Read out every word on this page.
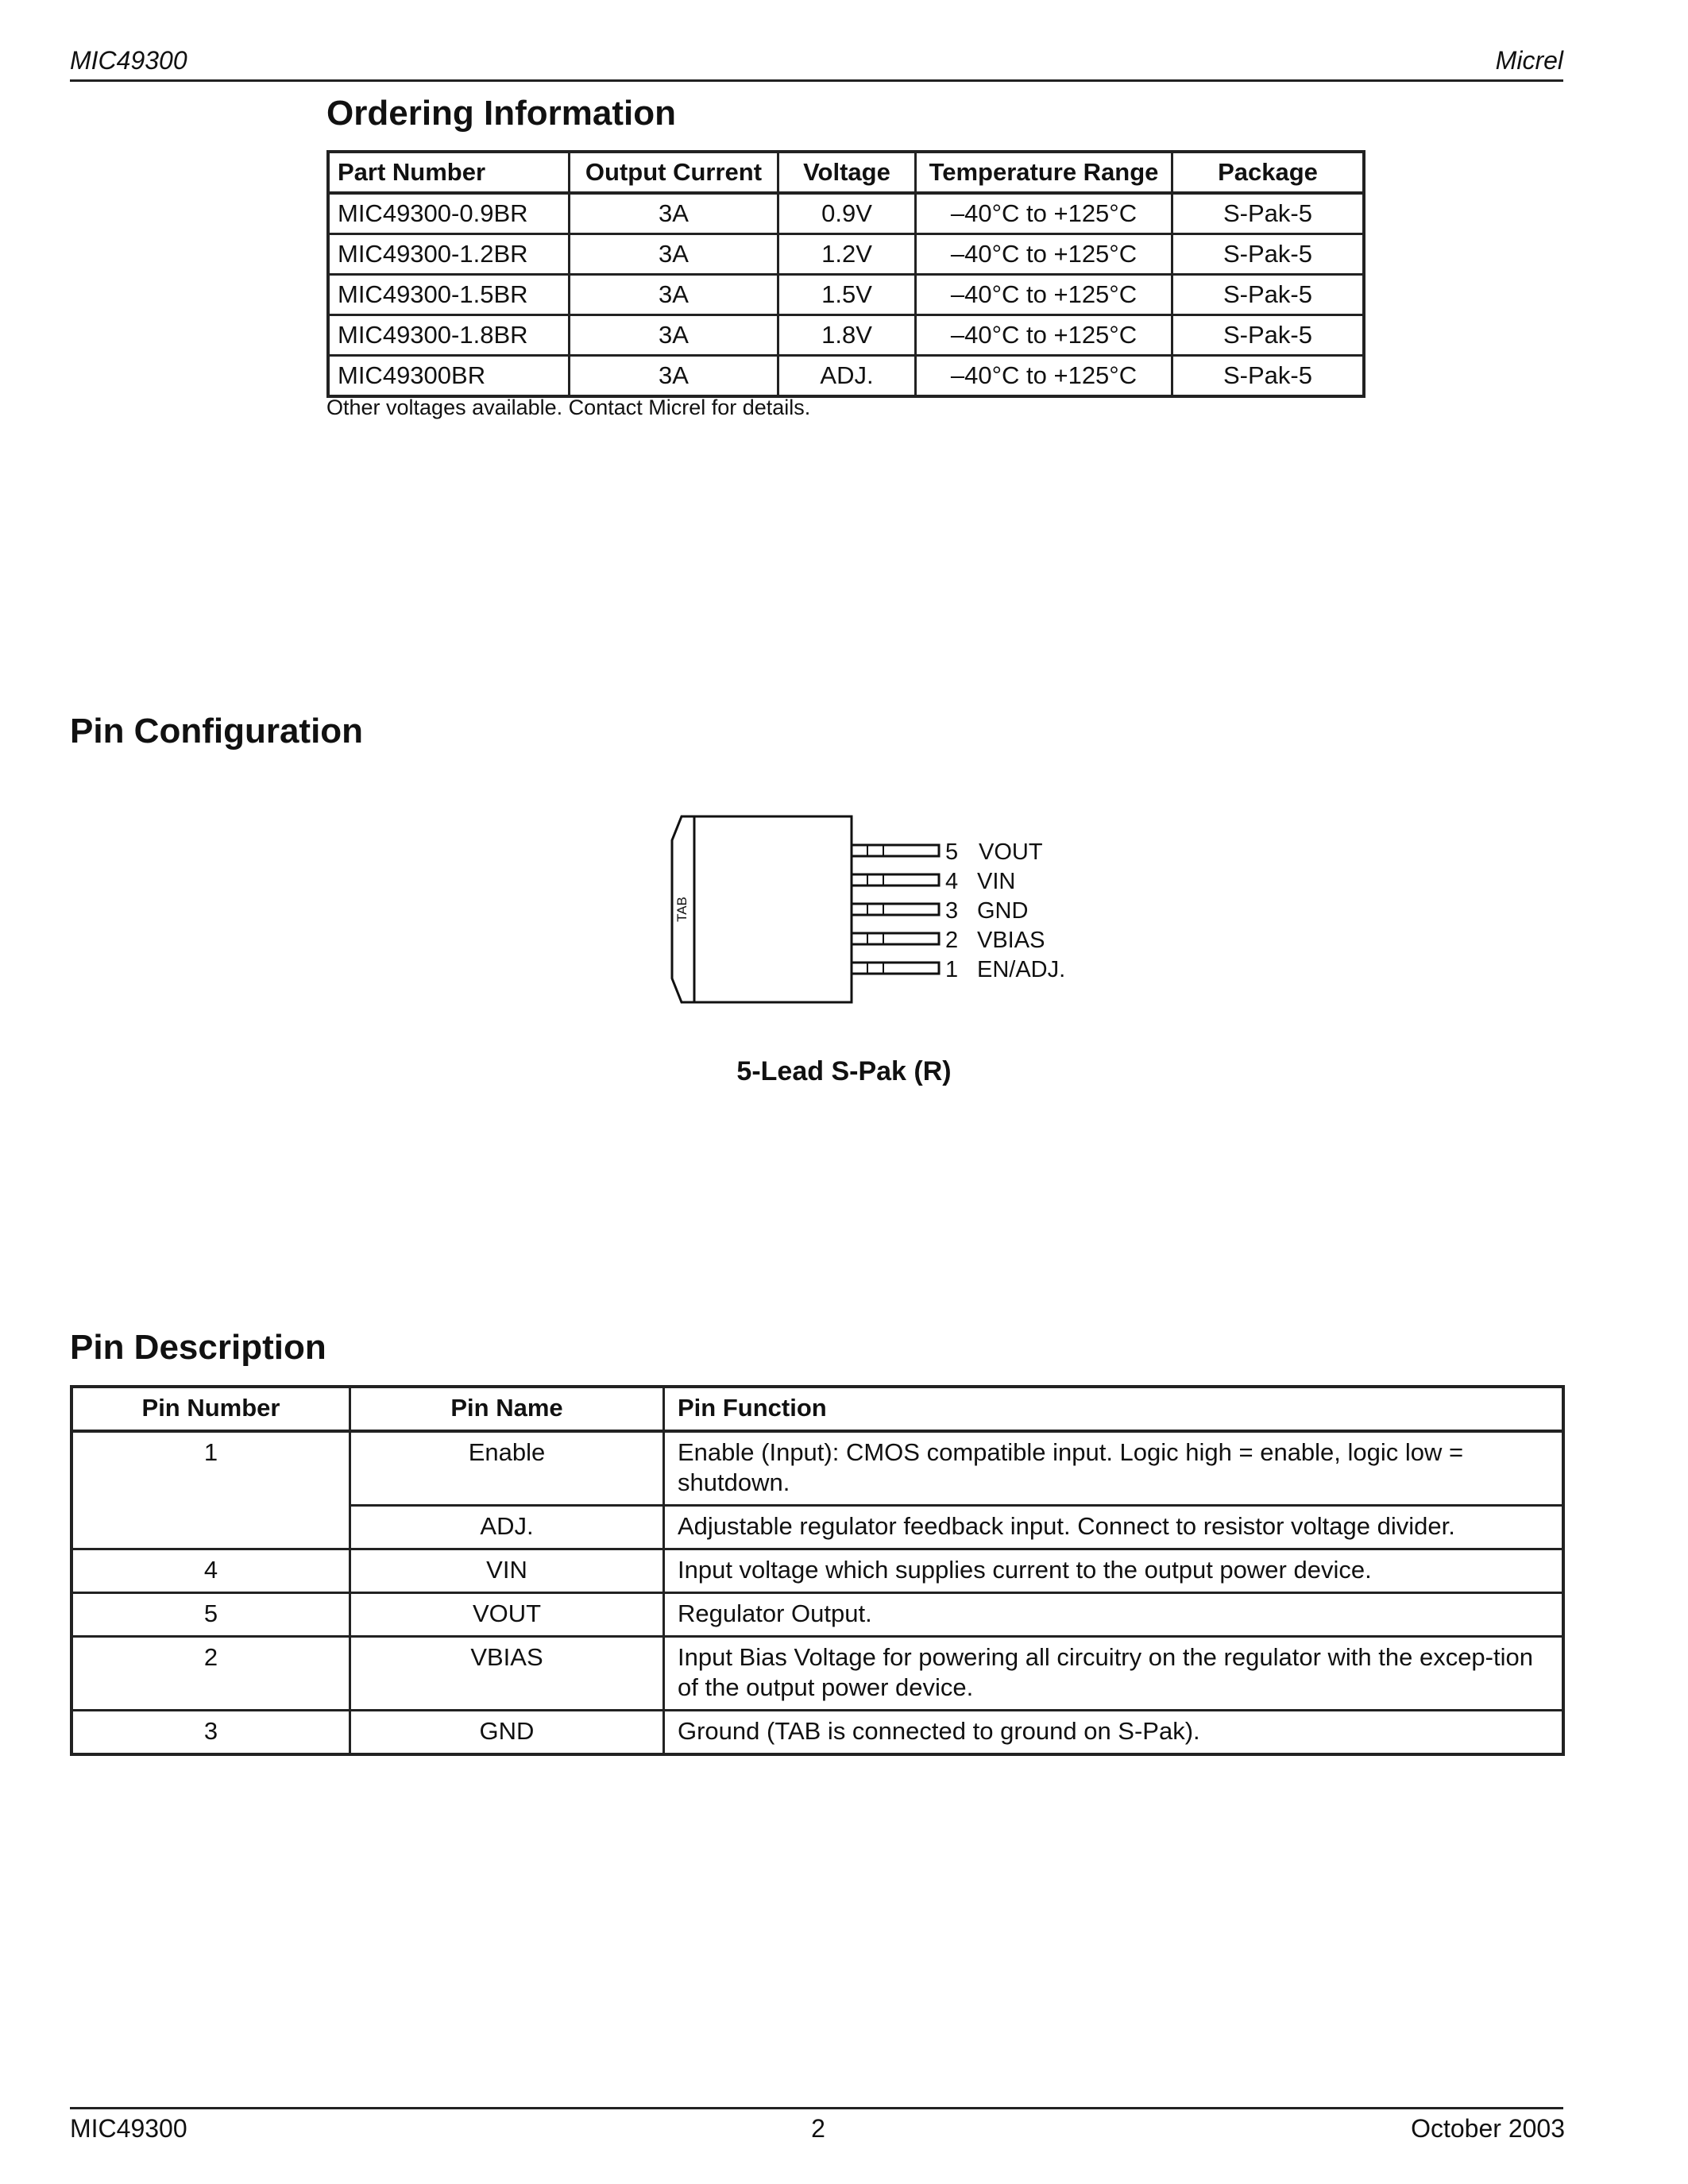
MIC49300	Micrel
Ordering Information
Part Number	Output Current	Voltage	Temperature Range	Package
MIC49300-0.9BR	3A	0.9V	–40°C to +125°C	S-Pak-5
MIC49300-1.2BR	3A	1.2V	–40°C to +125°C	S-Pak-5
MIC49300-1.5BR	3A	1.5V	–40°C to +125°C	S-Pak-5
MIC49300-1.8BR	3A	1.8V	–40°C to +125°C	S-Pak-5
MIC49300BR	3A	ADJ.	–40°C to +125°C	S-Pak-5
Other voltages available. Contact Micrel for details.
Pin Configuration
TAB
5 VOUT
4 VIN
3 GND
2 VBIAS
1 EN/ADJ.
5-Lead S-Pak (R)
Pin Description
Pin Number	Pin Name	Pin Function
1	Enable	Enable (Input): CMOS compatible input. Logic high = enable, logic low = shutdown.
	ADJ.	Adjustable regulator feedback input. Connect to resistor voltage divider.
4	VIN	Input voltage which supplies current to the output power device.
5	VOUT	Regulator Output.
2	VBIAS	Input Bias Voltage for powering all circuitry on the regulator with the excep-tion of the output power device.
3	GND	Ground (TAB is connected to ground on S-Pak).
MIC49300	2	October 2003
